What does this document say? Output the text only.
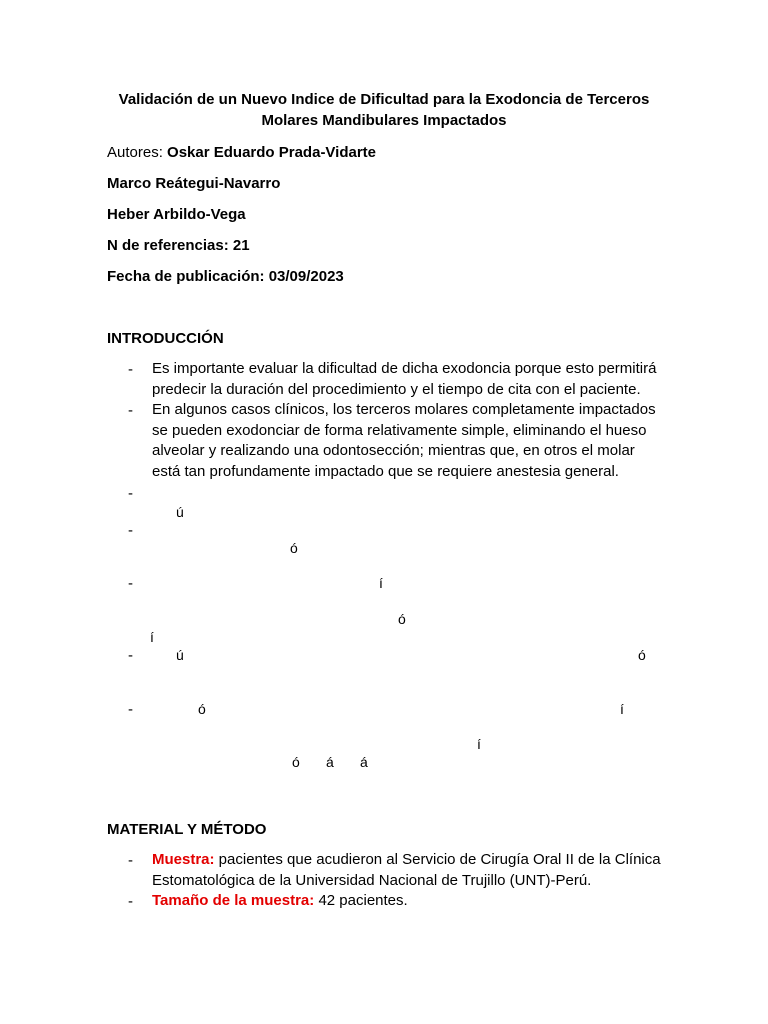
Validación de un Nuevo Indice de Dificultad para la Exodoncia de Terceros Molares Mandibulares Impactados
Autores: Oskar Eduardo Prada-Vidarte
Marco Reátegui-Navarro
Heber Arbildo-Vega
N de referencias: 21
Fecha de publicación: 03/09/2023
INTRODUCCIÓN
- Es importante evaluar la dificultad de dicha exodoncia porque esto permitirá predecir la duración del procedimiento y el tiempo de cita con el paciente.
- En algunos casos clínicos, los terceros molares completamente impactados se pueden exodonciar de forma relativamente simple, eliminando el hueso alveolar y realizando una odontosección; mientras que, en otros el molar está tan profundamente impactado que se requiere anestesia general.
-
ú
-
ó
-	í
ó
í
-	ú	ó
-	ó	í
í
ó á á
MATERIAL Y MÉTODO
- Muestra: pacientes que acudieron al Servicio de Cirugía Oral II de la Clínica Estomatológica de la Universidad Nacional de Trujillo (UNT)-Perú.
- Tamaño de la muestra: 42 pacientes.
